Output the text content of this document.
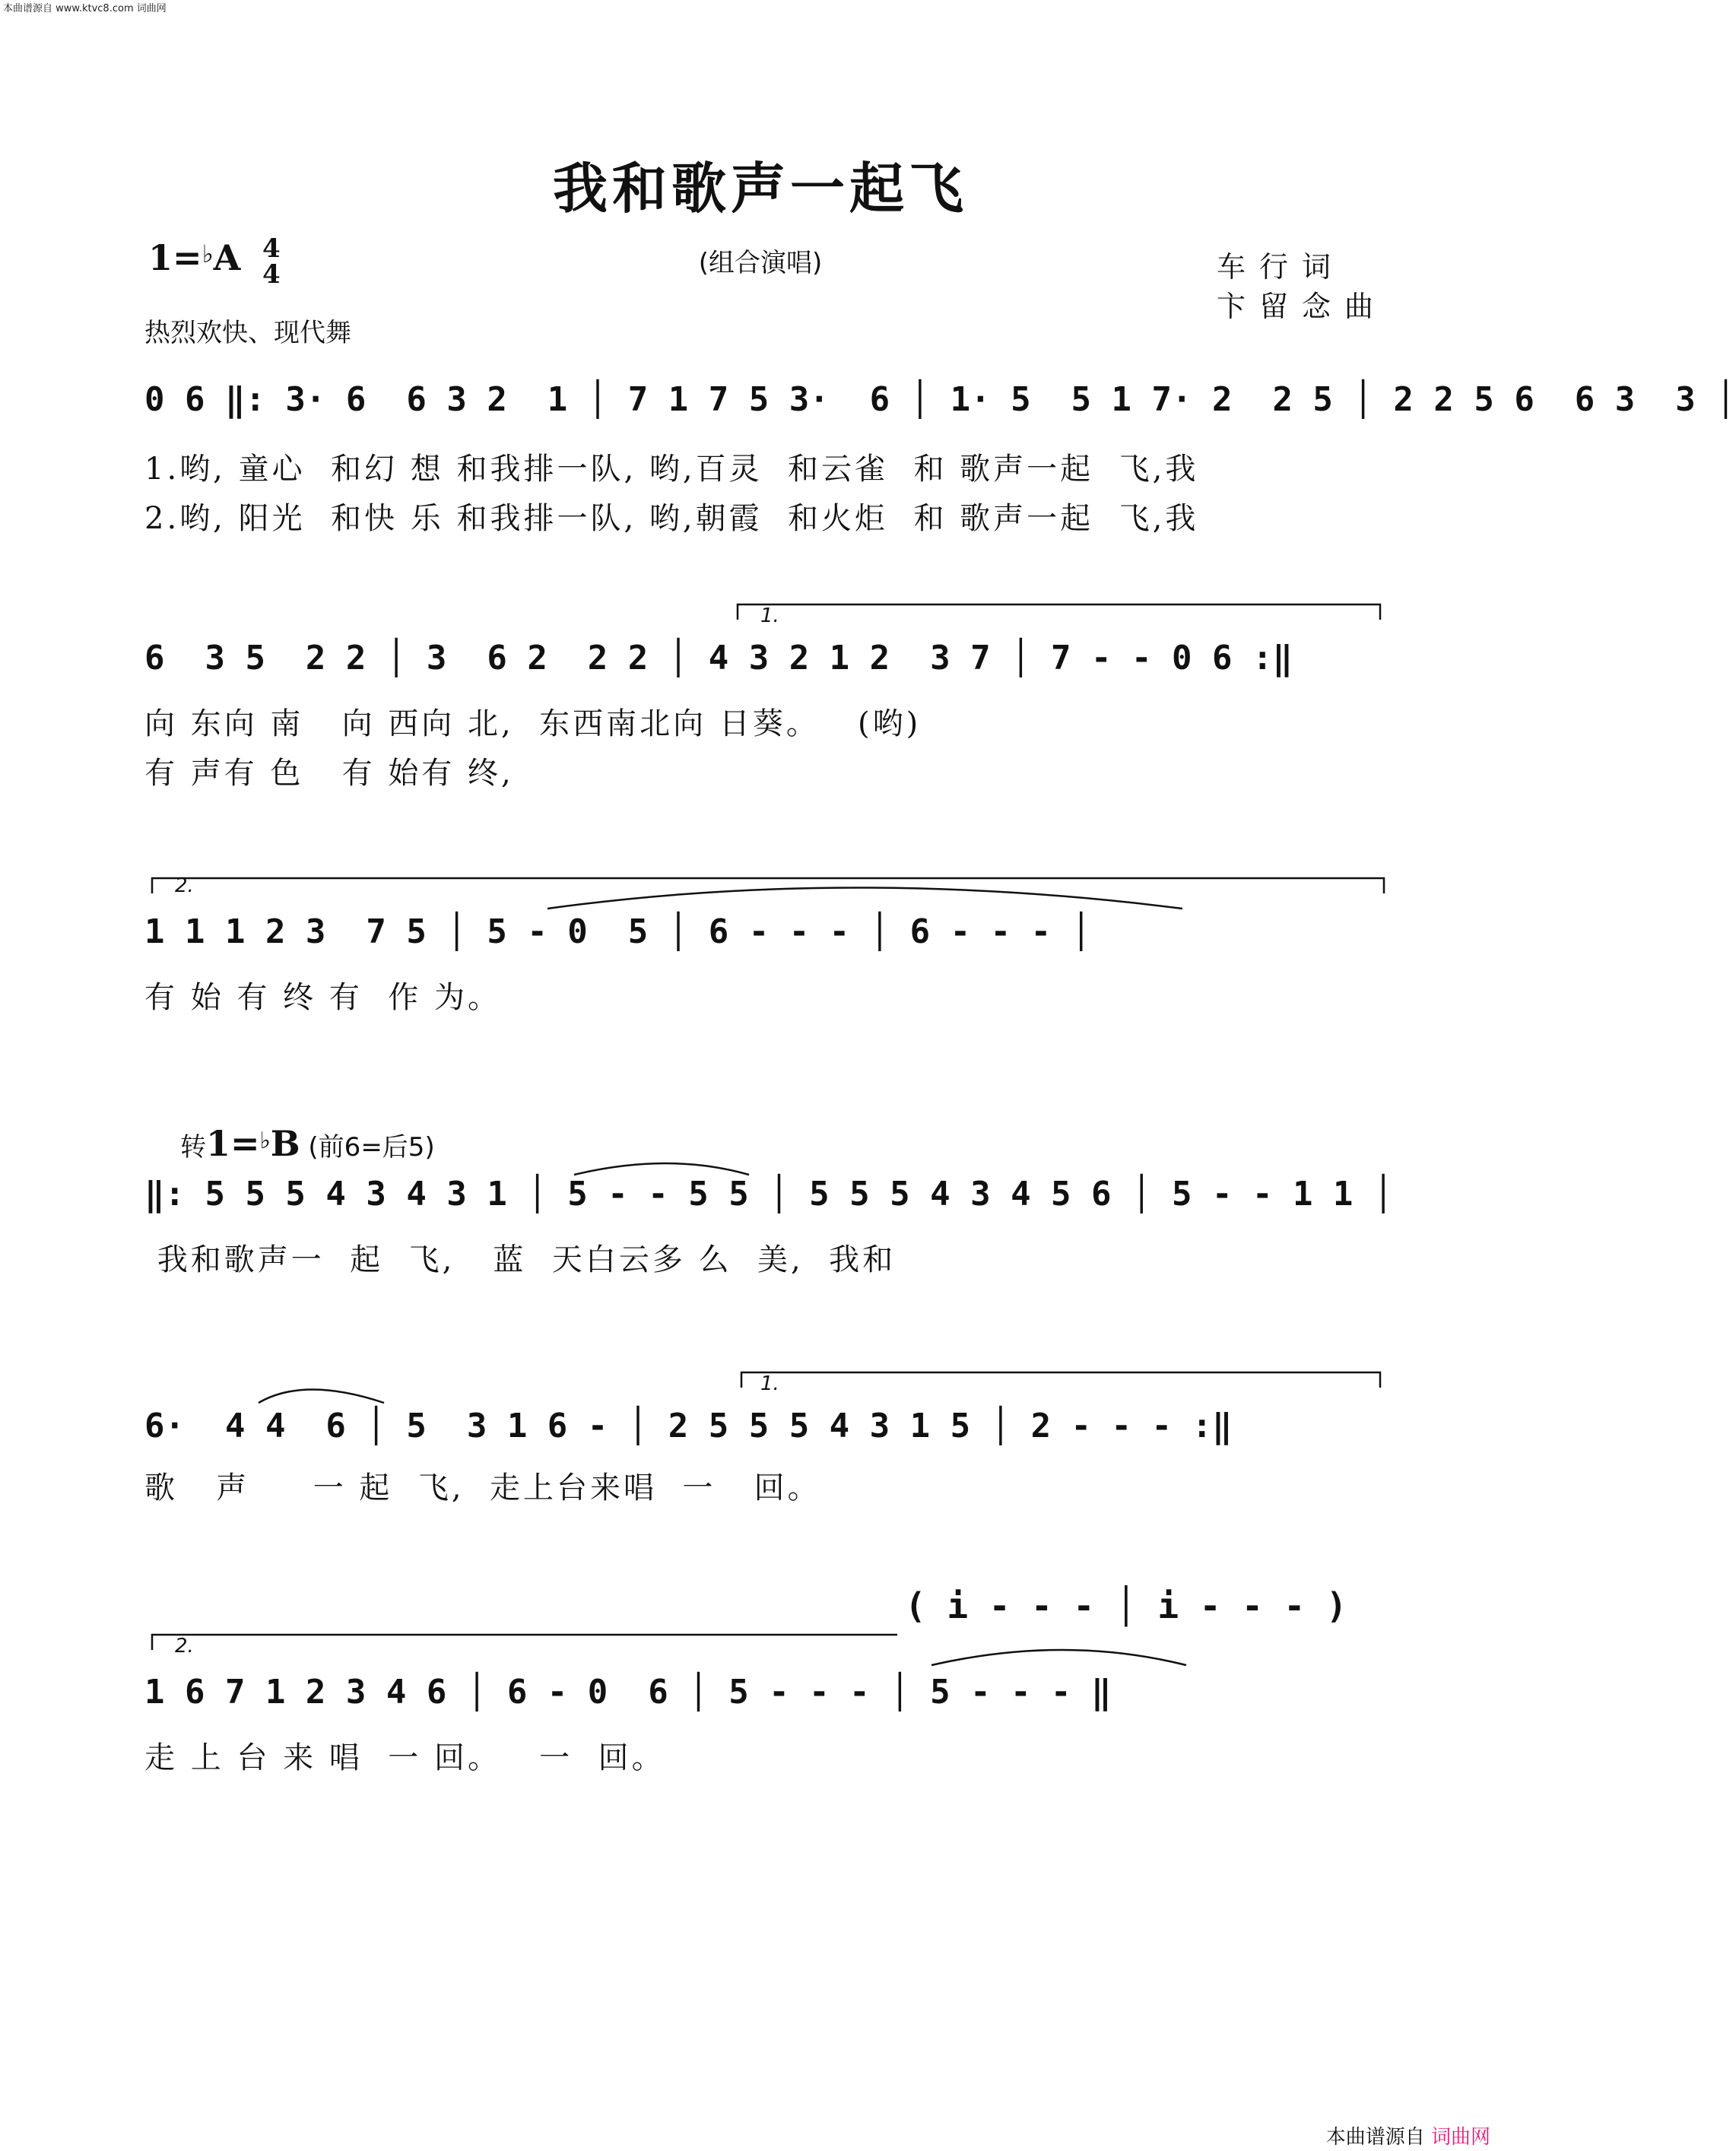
本曲谱源自 www.ktvc8.com 词曲网
我和歌声一起飞
(组合演唱)
1=♭A 4
4
热烈欢快、现代舞
车行词
卞留念曲
0 6 ‖: 3· 6  6 3 2  1 │ 7 1 7 5 3·  6 │ 1· 5  5 1 7· 2  2 5 │ 2 2 5 6  6 3  3 │
1.哟, 童心  和幻 想 和我排一队, 哟,百灵  和云雀  和 歌声一起  飞,我
2.哟, 阳光  和快 乐 和我排一队, 哟,朝霞  和火炬  和 歌声一起  飞,我
1.
6  3 5  2 2 │ 3  6 2  2 2 │ 4 3 2 1 2  3 7 │ 7 - - 0 6 :‖
向 东向 南   向 西向 北,  东西南北向 日葵。   (哟)
有 声有 色   有 始有 终,
2.
1 1 1 2 3  7 5 │ 5 - 0  5 │ 6 - - - │ 6 - - - │
有 始 有 终 有  作 为。
转1=♭B (前6=后5)
‖: 5 5 5 4 3 4 3 1 │ 5 - - 5 5 │ 5 5 5 4 3 4 5 6 │ 5 - - 1 1 │
我和歌声一  起  飞,   蓝  天白云多 么  美,  我和
1.
6·  4 4  6 │ 5  3 1 6 - │ 2 5 5 5 4 3 1 5 │ 2 - - - :‖
歌   声     一 起  飞,  走上台来唱  一   回。
( i - - - │ i - - - )
2.
1 6 7 1 2 3 4 6 │ 6 - 0  6 │ 5 - - - │ 5 - - - ‖
走 上 台 来 唱  一 回。   一  回。
本曲谱源自 词曲网
